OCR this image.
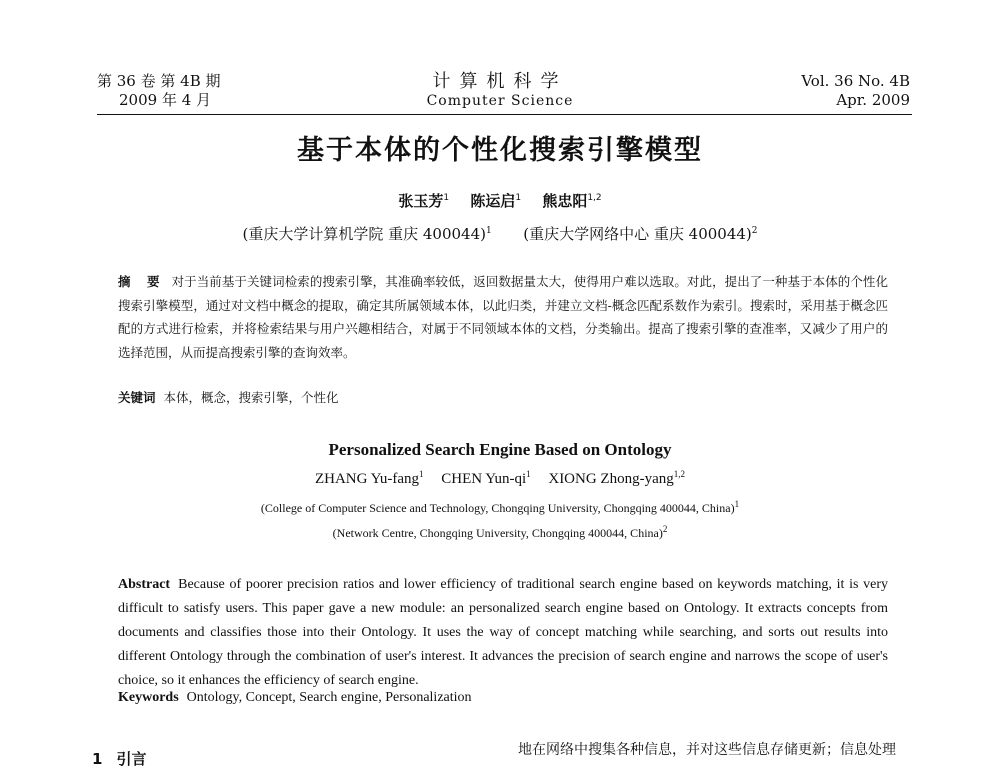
第 36 卷 第 4B 期
2009 年 4 月
计算机科学
Computer Science
Vol. 36 No. 4B
Apr. 2009
基于本体的个性化搜索引擎模型
张玉芳$^1$ 陈运启$^1$ 熊忠阳$^{1,2}$
(重庆大学计算机学院 重庆 400044)$^1$ (重庆大学网络中心 重庆 400044)$^2$
摘 要 对于当前基于关键词检索的搜索引擎，其准确率较低，返回数据量太大，使得用户难以选取。对此，提出了一种基于本体的个性化搜索引擎模型，通过对文档中概念的提取，确定其所属领域本体，以此归类，并建立文档-概念匹配系数作为索引。搜索时，采用基于概念匹配的方式进行检索，并将检索结果与用户兴趣相结合，对属于不同领域本体的文档，分类输出。提高了搜索引擎的查准率，又减少了用户的选择范围，从而提高搜索引擎的查询效率。
关键词 本体，概念，搜索引擎，个性化
Personalized Search Engine Based on Ontology
ZHANG Yu-fang$^1$ CHEN Yun-$qi^1$ XIONG Zhong-yang$^{1,2}$
(College of Computer Science and Technology, Chongqing University, Chongqing 400044, China)$^1$
(Network Centre, Chongqing University, Chongqing 400044, China)$^2$
Abstract Because of poorer precision ratios and lower efficiency of traditional search engine based on keywords matching, it is very difficult to satisfy users. This paper gave a new module: an personalized search engine based on Ontology. It extracts concepts from documents and classifies those into their Ontology. It uses the way of concept matching while searching, and sorts out results into different Ontology through the combination of user's interest. It advances the precision of search engine and narrows the scope of user's choice, so it enhances the efficiency of search engine.
Keywords Ontology, Concept, Search engine, Personalization
1 引言	地在网络中搜集各种信息，并对这些信息存储更新；信息处理
